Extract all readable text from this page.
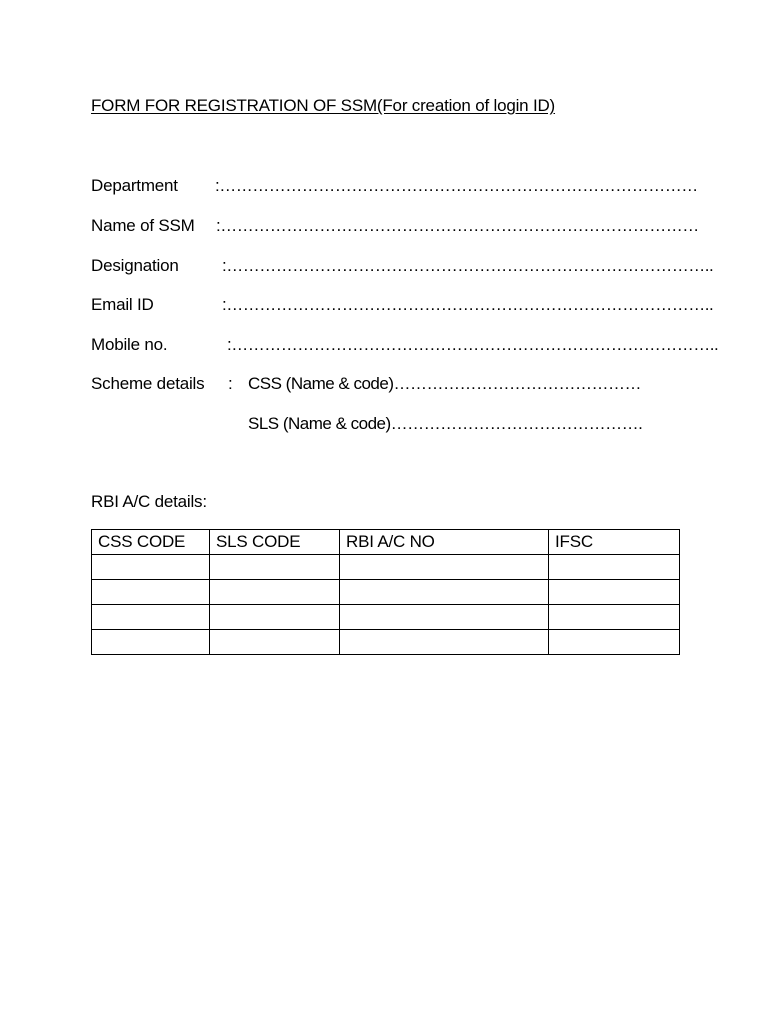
FORM FOR REGISTRATION OF SSM(For creation of login ID)
Department :……………………………………………………………………………
Name of SSM :……………………………………………………………………………
Designation	:……………………………………………………………………………..
Email ID	:……………………………………………………………………………..
Mobile no.	:……………………………………………………………………………..
Scheme details : CSS (Name & code)………………………………………
SLS (Name & code)……………………………………….
RBI A/C details:
CSS CODE	SLS CODE	RBI A/C NO	IFSC
